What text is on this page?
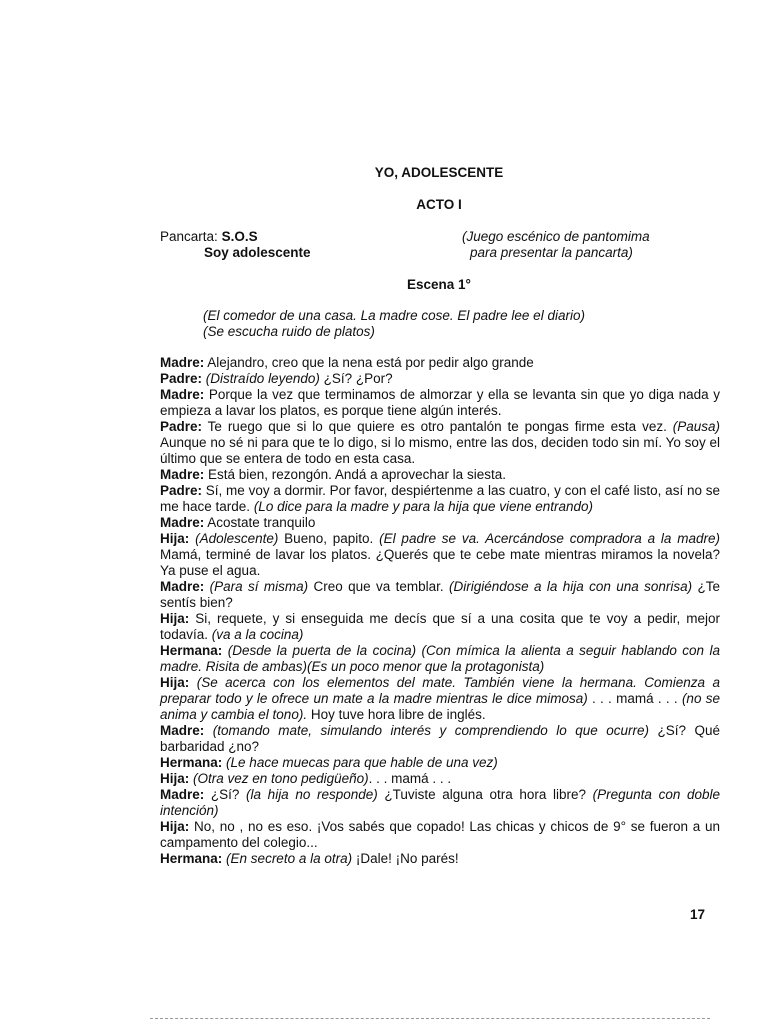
YO, ADOLESCENTE
ACTO I
Pancarta: S.O.S
Soy adolescente
(Juego escénico de pantomima
para presentar la pancarta)
Escena 1°
(El comedor de una casa. La madre cose. El padre lee el diario)
(Se escucha ruido de platos)
Madre: Alejandro, creo que la nena está por pedir algo grande
Padre: (Distraído leyendo) ¿Sí? ¿Por?
Madre: Porque la vez que terminamos de almorzar y ella se levanta sin que yo diga nada y empieza a lavar los platos, es porque tiene algún interés.
Padre: Te ruego que si lo que quiere es otro pantalón te pongas firme esta vez. (Pausa) Aunque no sé ni para que te lo digo, si lo mismo, entre las dos, deciden todo sin mí. Yo soy el último que se entera de todo en esta casa.
Madre: Está bien, rezongón. Andá a aprovechar la siesta.
Padre: Sí, me voy a dormir. Por favor, despiértenme a las cuatro, y con el café listo, así no se me hace tarde. (Lo dice para la madre y para la hija que viene entrando)
Madre: Acostate tranquilo
Hija: (Adolescente) Bueno, papito. (El padre se va. Acercándose compradora a la madre) Mamá, terminé de lavar los platos. ¿Querés que te cebe mate mientras miramos la novela? Ya puse el agua.
Madre: (Para sí misma) Creo que va temblar. (Dirigiéndose a la hija con una sonrisa) ¿Te sentís bien?
Hija: Si, requete, y si enseguida me decís que sí a una cosita que te voy a pedir, mejor todavía. (va a la cocina)
Hermana: (Desde la puerta de la cocina) (Con mímica la alienta a seguir hablando con la madre. Risita de ambas)(Es un poco menor que la protagonista)
Hija: (Se acerca con los elementos del mate. También viene la hermana. Comienza a preparar todo y le ofrece un mate a la madre mientras le dice mimosa) . . . mamá . . . (no se anima y cambia el tono). Hoy tuve hora libre de inglés.
Madre: (tomando mate, simulando interés y comprendiendo lo que ocurre) ¿Sí? Qué barbaridad ¿no?
Hermana: (Le hace muecas para que hable de una vez)
Hija: (Otra vez en tono pedigüeño). . . mamá . . .
Madre: ¿Sí? (la hija no responde) ¿Tuviste alguna otra hora libre? (Pregunta con doble intención)
Hija: No, no , no es eso. ¡Vos sabés que copado! Las chicas y chicos de 9° se fueron a un campamento del colegio...
Hermana: (En secreto a la otra) ¡Dale! ¡No parés!
17
